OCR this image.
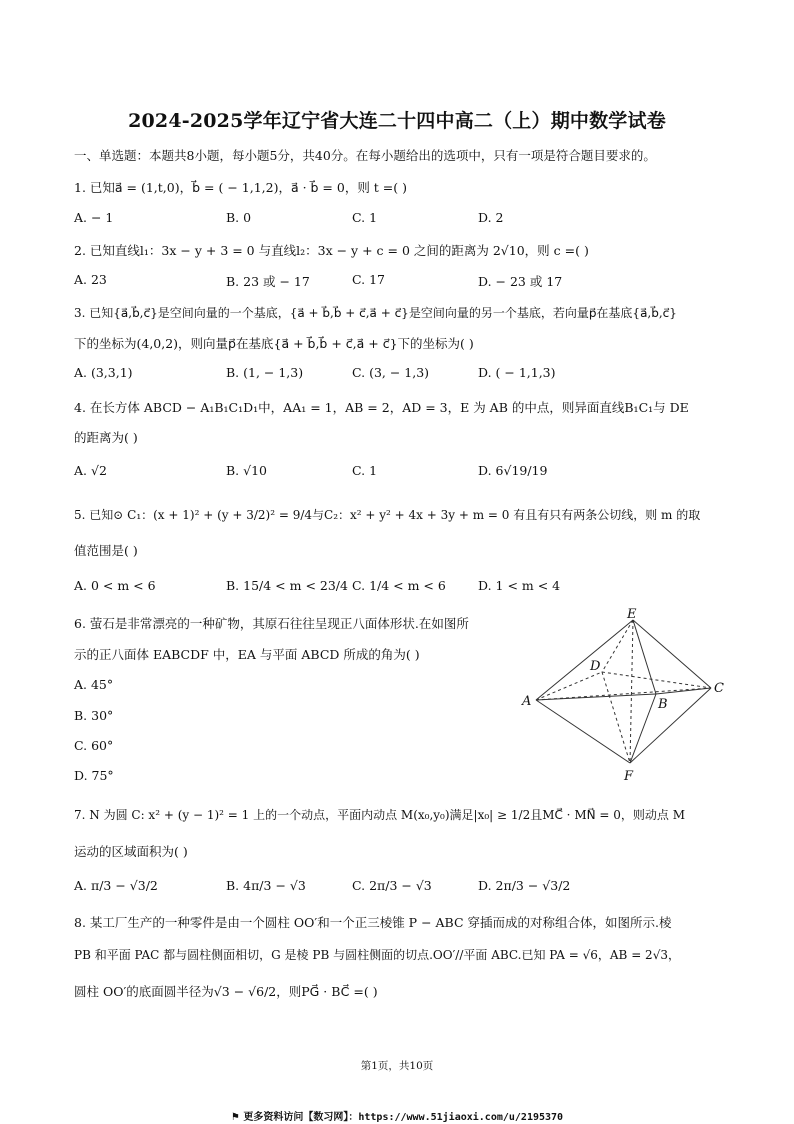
2024-2025学年辽宁省大连二十四中高二（上）期中数学试卷
一、单选题：本题共8小题，每小题5分，共40分。在每小题给出的选项中，只有一项是符合题目要求的。
1. 已知a⃗ = (1,t,0)，b⃗ = ( − 1,1,2)，a⃗ · b⃗ = 0，则 t =( )
A. − 1	B. 0	C. 1	D. 2
2. 已知直线l₁：3x − y + 3 = 0 与直线l₂：3x − y + c = 0 之间的距离为 2√10，则 c =( )
A. 23	B. 23 或 − 17	C. 17	D. − 23 或 17
3. 已知{a⃗,b⃗,c⃗}是空间向量的一个基底，{a⃗ + b⃗,b⃗ + c⃗,a⃗ + c⃗}是空间向量的另一个基底，若向量p⃗在基底{a⃗,b⃗,c⃗}
下的坐标为(4,0,2)，则向量p⃗在基底{a⃗ + b⃗,b⃗ + c⃗,a⃗ + c⃗}下的坐标为( )
A. (3,3,1)	B. (1, − 1,3)	C. (3, − 1,3)	D. ( − 1,1,3)
4. 在长方体 ABCD − A₁B₁C₁D₁中，AA₁ = 1，AB = 2，AD = 3，E 为 AB 的中点，则异面直线B₁C₁与 DE
的距离为( )
A. √2	B. √10	C. 1	D. 6√19/19
5. 已知⊙ C₁：(x + 1)² + (y + 3/2)² = 9/4与C₂：x² + y² + 4x + 3y + m = 0 有且有只有两条公切线，则 m 的取
值范围是( )
A. 0 < m < 6	B. 15/4 < m < 23/4 C. 1/4 < m < 6	D. 1 < m < 4
6. 萤石是非常漂亮的一种矿物，其原石往往呈现正八面体形状.在如图所
示的正八面体 EABCDF 中，EA 与平面 ABCD 所成的角为( )
A. 45°
B. 30°
C. 60°
D. 75°
E
D
A	B
C
F
7. N 为圆 C: x² + (y − 1)² = 1 上的一个动点，平面内动点 M(x₀,y₀)满足|x₀| ≥ 1/2且MC⃗ · MN⃗ = 0，则动点 M
运动的区域面积为( )
A. π/3 − √3/2	B. 4π/3 − √3	C. 2π/3 − √3	D. 2π/3 − √3/2
8. 某工厂生产的一种零件是由一个圆柱 OO′和一个正三棱锥 P − ABC 穿插而成的对称组合体，如图所示.棱
PB 和平面 PAC 都与圆柱侧面相切，G 是棱 PB 与圆柱侧面的切点.OO′//平面 ABC.已知 PA = √6，AB = 2√3，
圆柱 OO′的底面圆半径为√3 − √6/2，则PG⃗ · BC⃗ =( )
第1页，共10页
⚑ 更多资料访问【数习网】：https://www.51jiaoxi.com/u/2195370
